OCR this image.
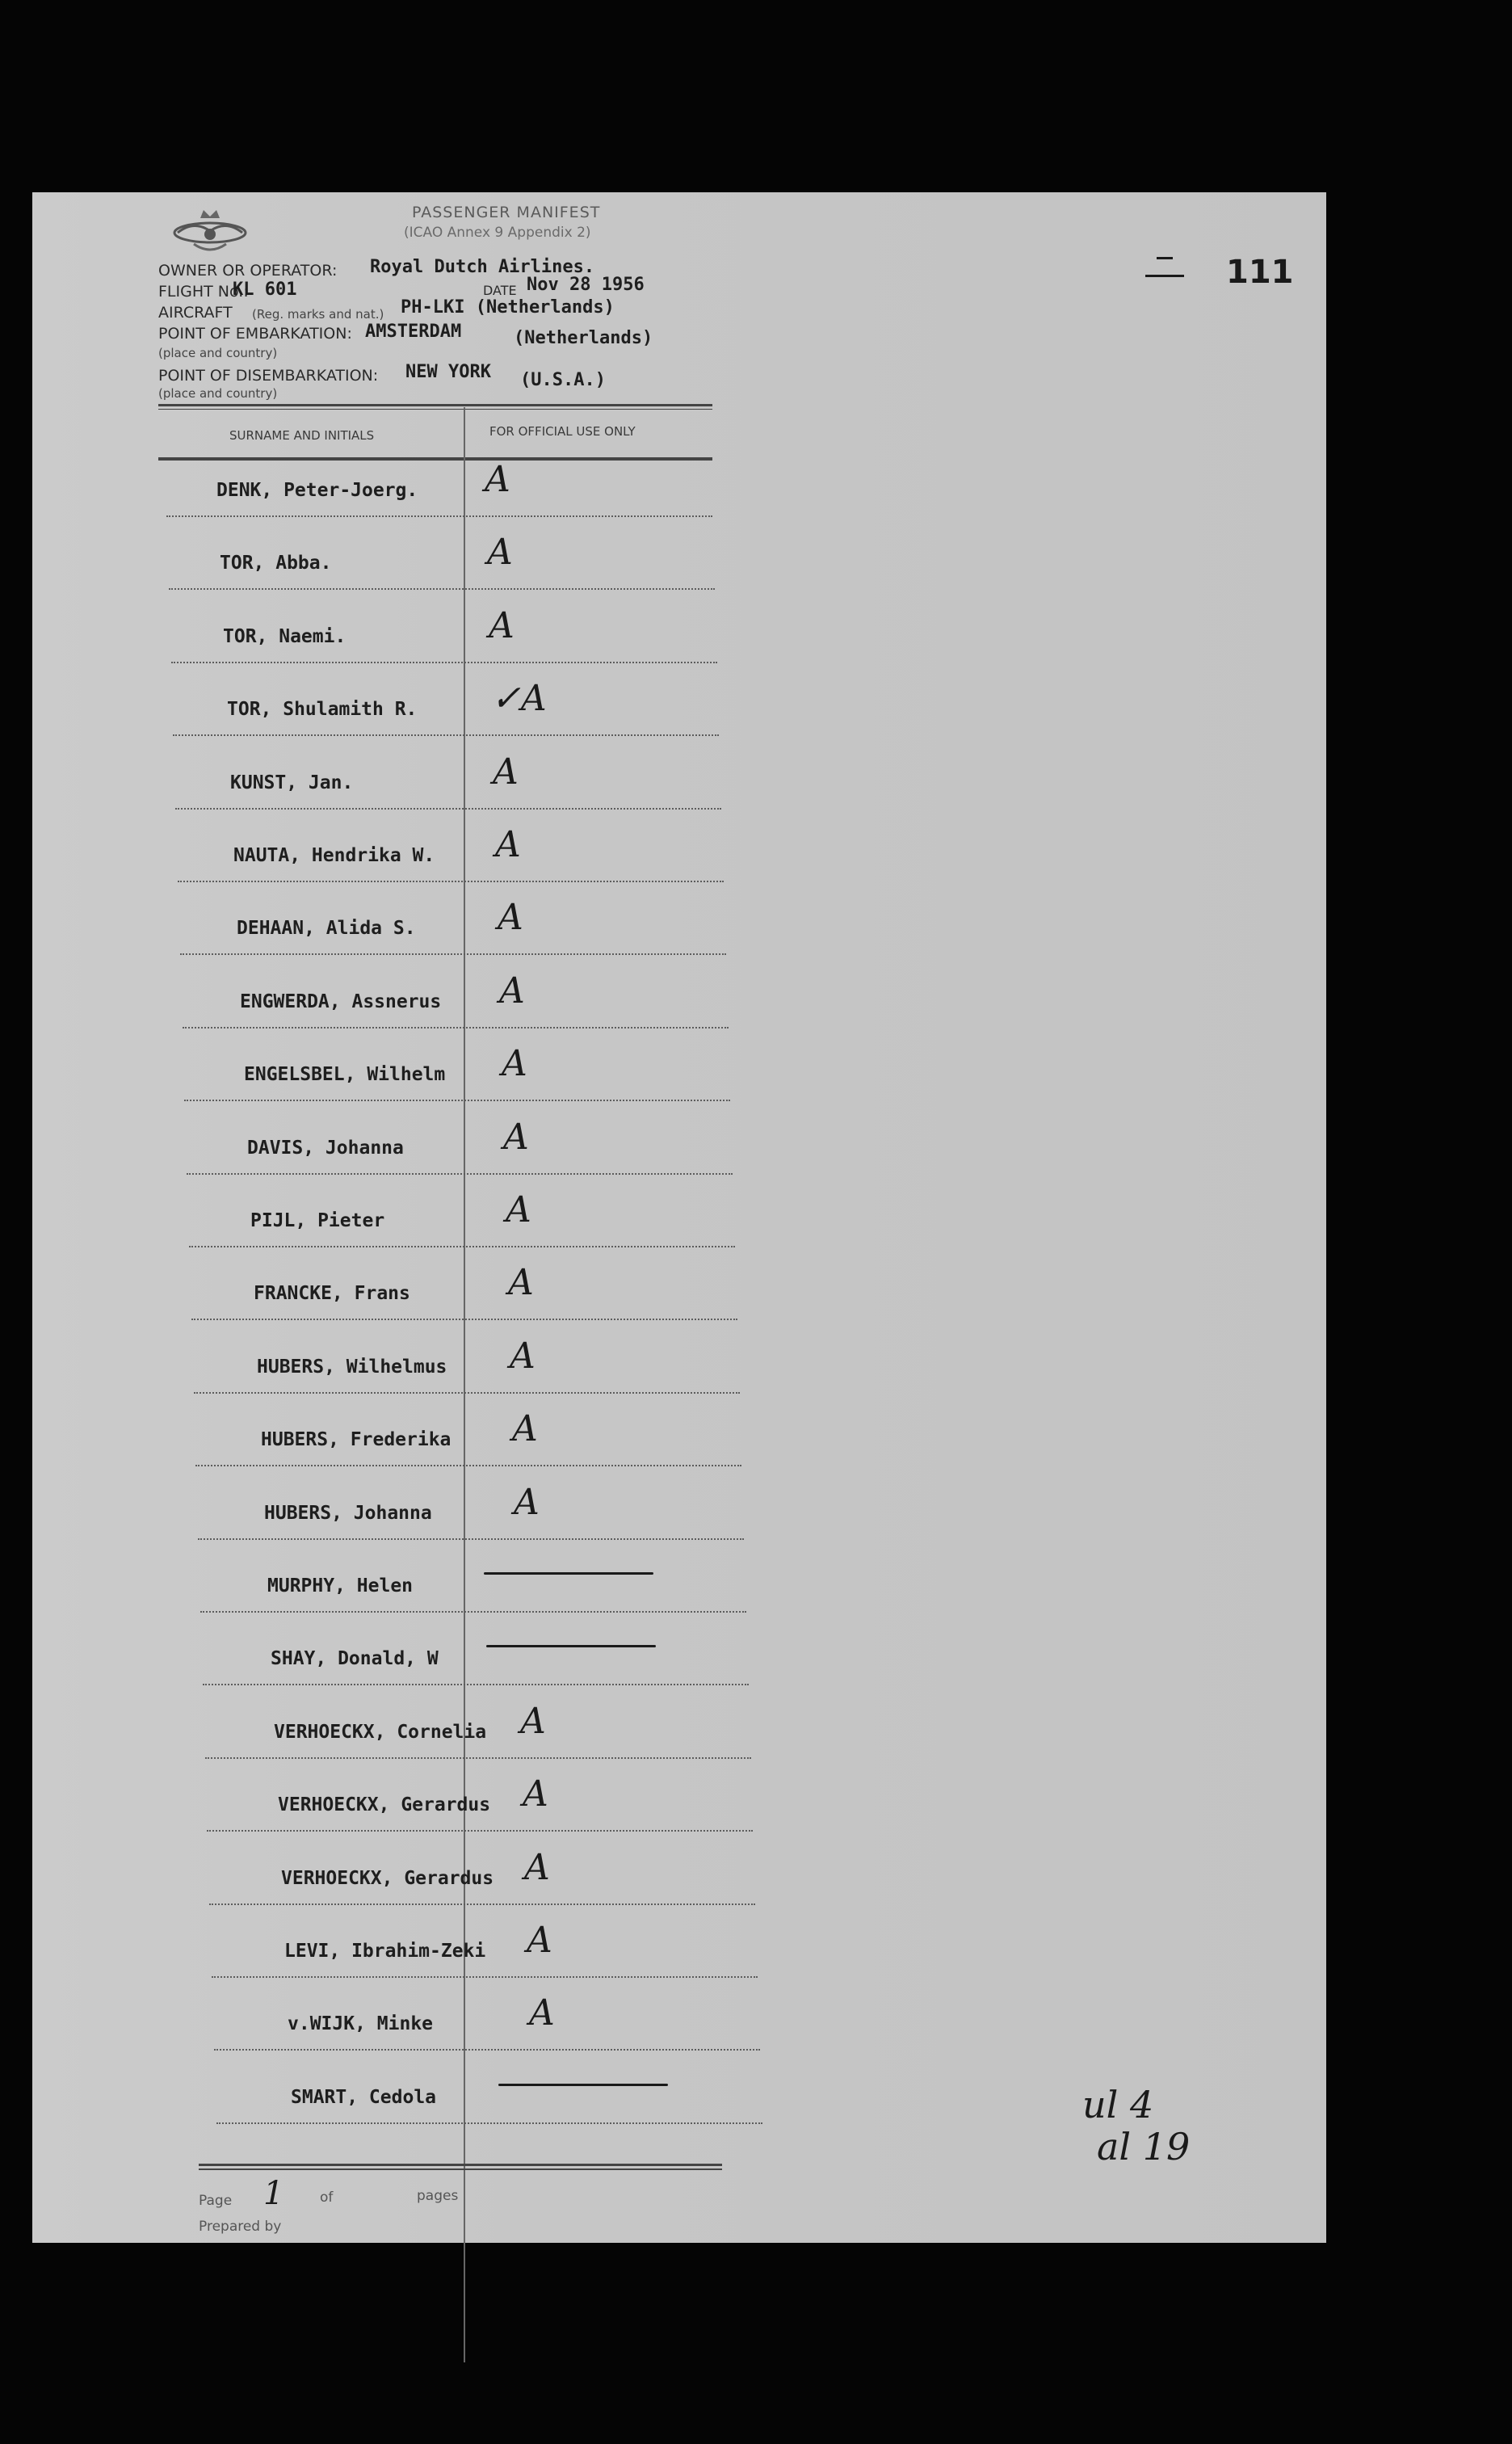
PASSENGER MANIFEST
(ICAO Annex 9 Appendix 2)
111
OWNER OR OPERATOR: Royal Dutch Airlines.
FLIGHT No.:
KL 601	DATE Nov 28 1956
AIRCRAFT (Reg. marks and nat.) PH-LKI (Netherlands)
POINT OF EMBARKATION: AMSTERDAM	(Netherlands)
(place and country)
POINT OF DISEMBARKATION: NEW YORK (U.S.A.)
(place and country)
SURNAME AND INITIALS	FOR OFFICIAL USE ONLY
DENK, Peter-Joerg. A
TOR, Abba.	A
TOR, Naemi.	A
TOR, Shulamith R. ✓A
KUNST, Jan.	A
NAUTA, Hendrika W. A
DEHAAN, Alida S. A
ENGWERDA, Assnerus A
ENGELSBEL, Wilhelm A
DAVIS, Johanna	A
PIJL, Pieter	A
FRANCKE, Frans	A
HUBERS, Wilhelmus A
HUBERS, Frederika A
HUBERS, Johanna A
MURPHY, Helen
SHAY, Donald, W
VERHOECKX, Cornelia A
VERHOECKX, Gerardus A
VERHOECKX, Gerardus A
LEVI, Ibrahim-Zeki A
v.WIJK, Minke	A
SMART, Cedola
Page 1	of	pages
Prepared by
ul 4
al 19
